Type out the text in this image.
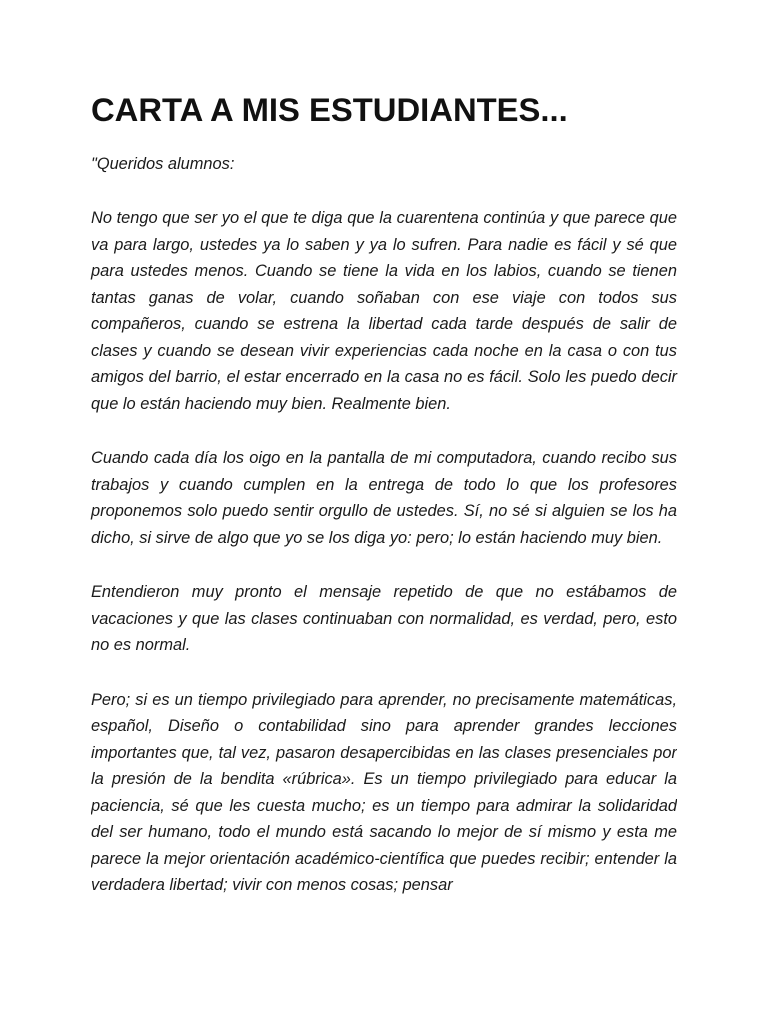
CARTA A MIS ESTUDIANTES...

"Queridos alumnos:

No tengo que ser yo el que te diga que la cuarentena continúa y que parece que va para largo, ustedes ya lo saben y ya lo sufren. Para nadie es fácil y sé que para ustedes menos. Cuando se tiene la vida en los labios, cuando se tienen tantas ganas de volar, cuando soñaban con ese viaje con todos sus compañeros, cuando se estrena la libertad cada tarde después de salir de clases y cuando se desean vivir experiencias cada noche en la casa o con tus amigos del barrio, el estar encerrado en la casa no es fácil. Solo les puedo decir que lo están haciendo muy bien. Realmente bien.

Cuando cada día los oigo en la pantalla de mi computadora, cuando recibo sus trabajos y cuando cumplen en la entrega de todo lo que los profesores proponemos solo puedo sentir orgullo de ustedes. Sí, no sé si alguien se los ha dicho, si sirve de algo que yo se los diga yo: pero; lo están haciendo muy bien.

Entendieron muy pronto el mensaje repetido de que no estábamos de vacaciones y que las clases continuaban con normalidad, es verdad, pero, esto no es normal.

Pero; si es un tiempo privilegiado para aprender, no precisamente matemáticas, español, Diseño o contabilidad sino para aprender grandes lecciones importantes que, tal vez, pasaron desapercibidas en las clases presenciales por la presión de la bendita «rúbrica». Es un tiempo privilegiado para educar la paciencia, sé que les cuesta mucho; es un tiempo para admirar la solidaridad del ser humano, todo el mundo está sacando lo mejor de sí mismo y esta me parece la mejor orientación académico-científica que puedes recibir; entender la verdadera libertad; vivir con menos cosas; pensar
